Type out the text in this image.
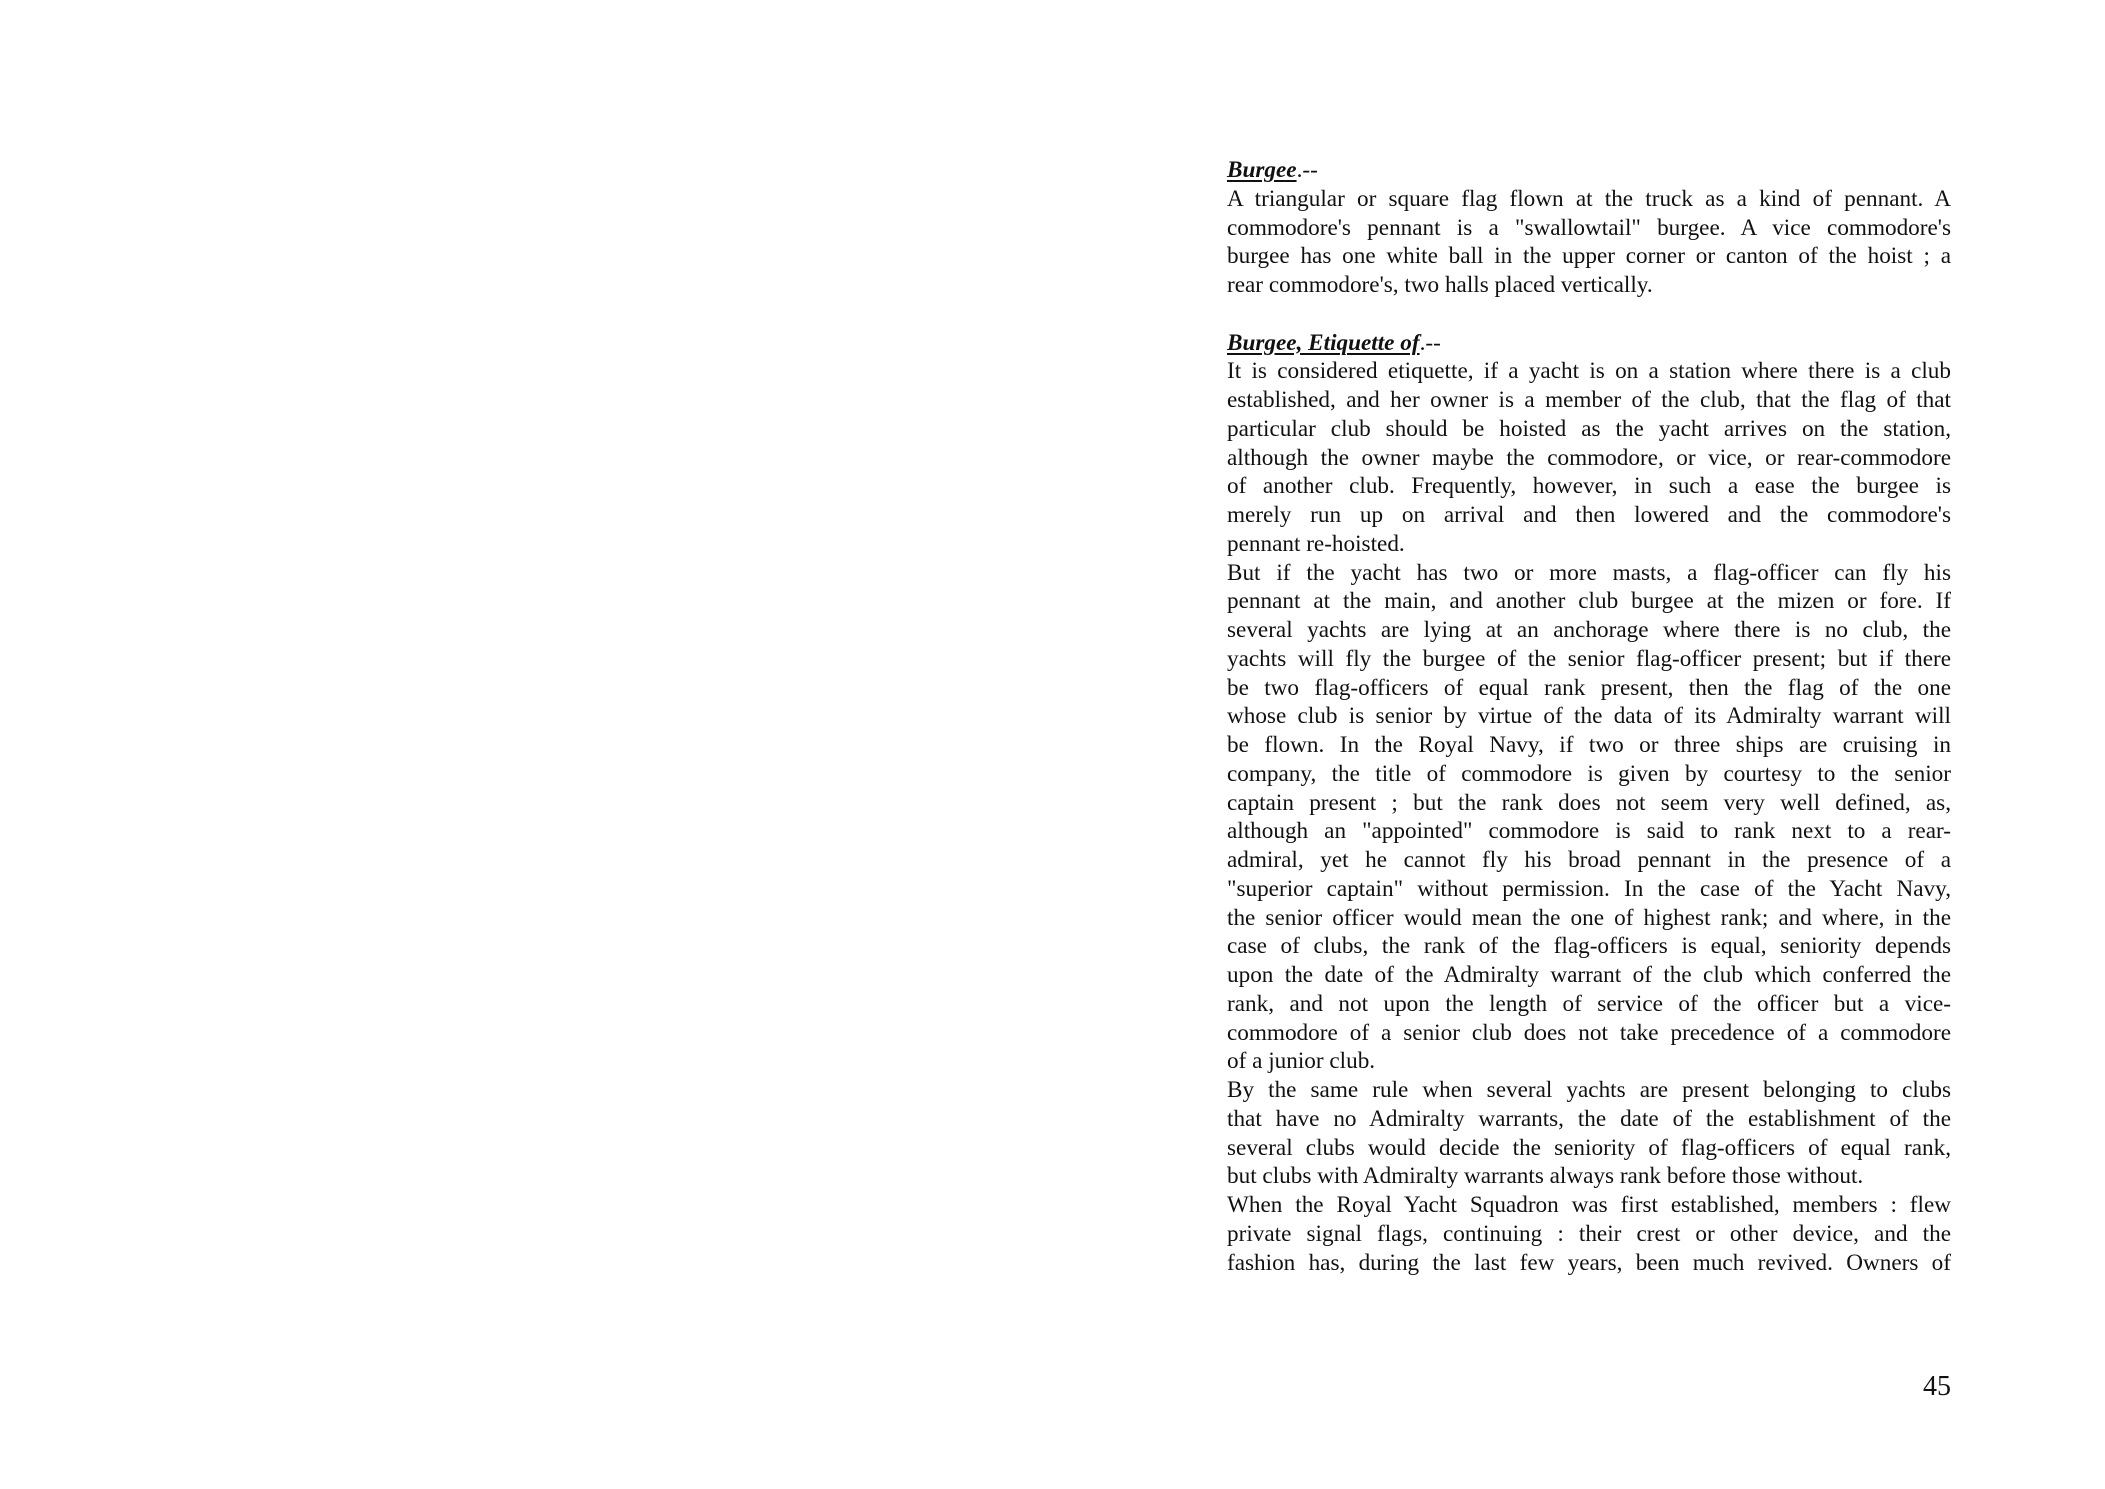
Burgee.--
A triangular or square flag flown at the truck as a kind of pennant. A
commodore's pennant is a "swallowtail" burgee. A vice commodore's
burgee has one white ball in the upper corner or canton of the hoist ; a
rear commodore's, two halls placed vertically.
Burgee, Etiquette of.--
It is considered etiquette, if a yacht is on a station where there is a club
established, and her owner is a member of the club, that the flag of that
particular club should be hoisted as the yacht arrives on the station,
although the owner maybe the commodore, or vice, or rear-commodore
of another club. Frequently, however, in such a ease the burgee is
merely run up on arrival and then lowered and the commodore's
pennant re-hoisted.
But if the yacht has two or more masts, a flag-officer can fly his
pennant at the main, and another club burgee at the mizen or fore. If
several yachts are lying at an anchorage where there is no club, the
yachts will fly the burgee of the senior flag-officer present; but if there
be two flag-officers of equal rank present, then the flag of the one
whose club is senior by virtue of the data of its Admiralty warrant will
be flown. In the Royal Navy, if two or three ships are cruising in
company, the title of commodore is given by courtesy to the senior
captain present ; but the rank does not seem very well defined, as,
although an "appointed" commodore is said to rank next to a rear-
admiral, yet he cannot fly his broad pennant in the presence of a
"superior captain" without permission. In the case of the Yacht Navy,
the senior officer would mean the one of highest rank; and where, in the
case of clubs, the rank of the flag-officers is equal, seniority depends
upon the date of the Admiralty warrant of the club which conferred the
rank, and not upon the length of service of the officer but a vice-
commodore of a senior club does not take precedence of a commodore
of a junior club.
By the same rule when several yachts are present belonging to clubs
that have no Admiralty warrants, the date of the establishment of the
several clubs would decide the seniority of flag-officers of equal rank,
but clubs with Admiralty warrants always rank before those without.
When the Royal Yacht Squadron was first established, members : flew
private signal flags, continuing : their crest or other device, and the
fashion has, during the last few years, been much revived. Owners of
45
